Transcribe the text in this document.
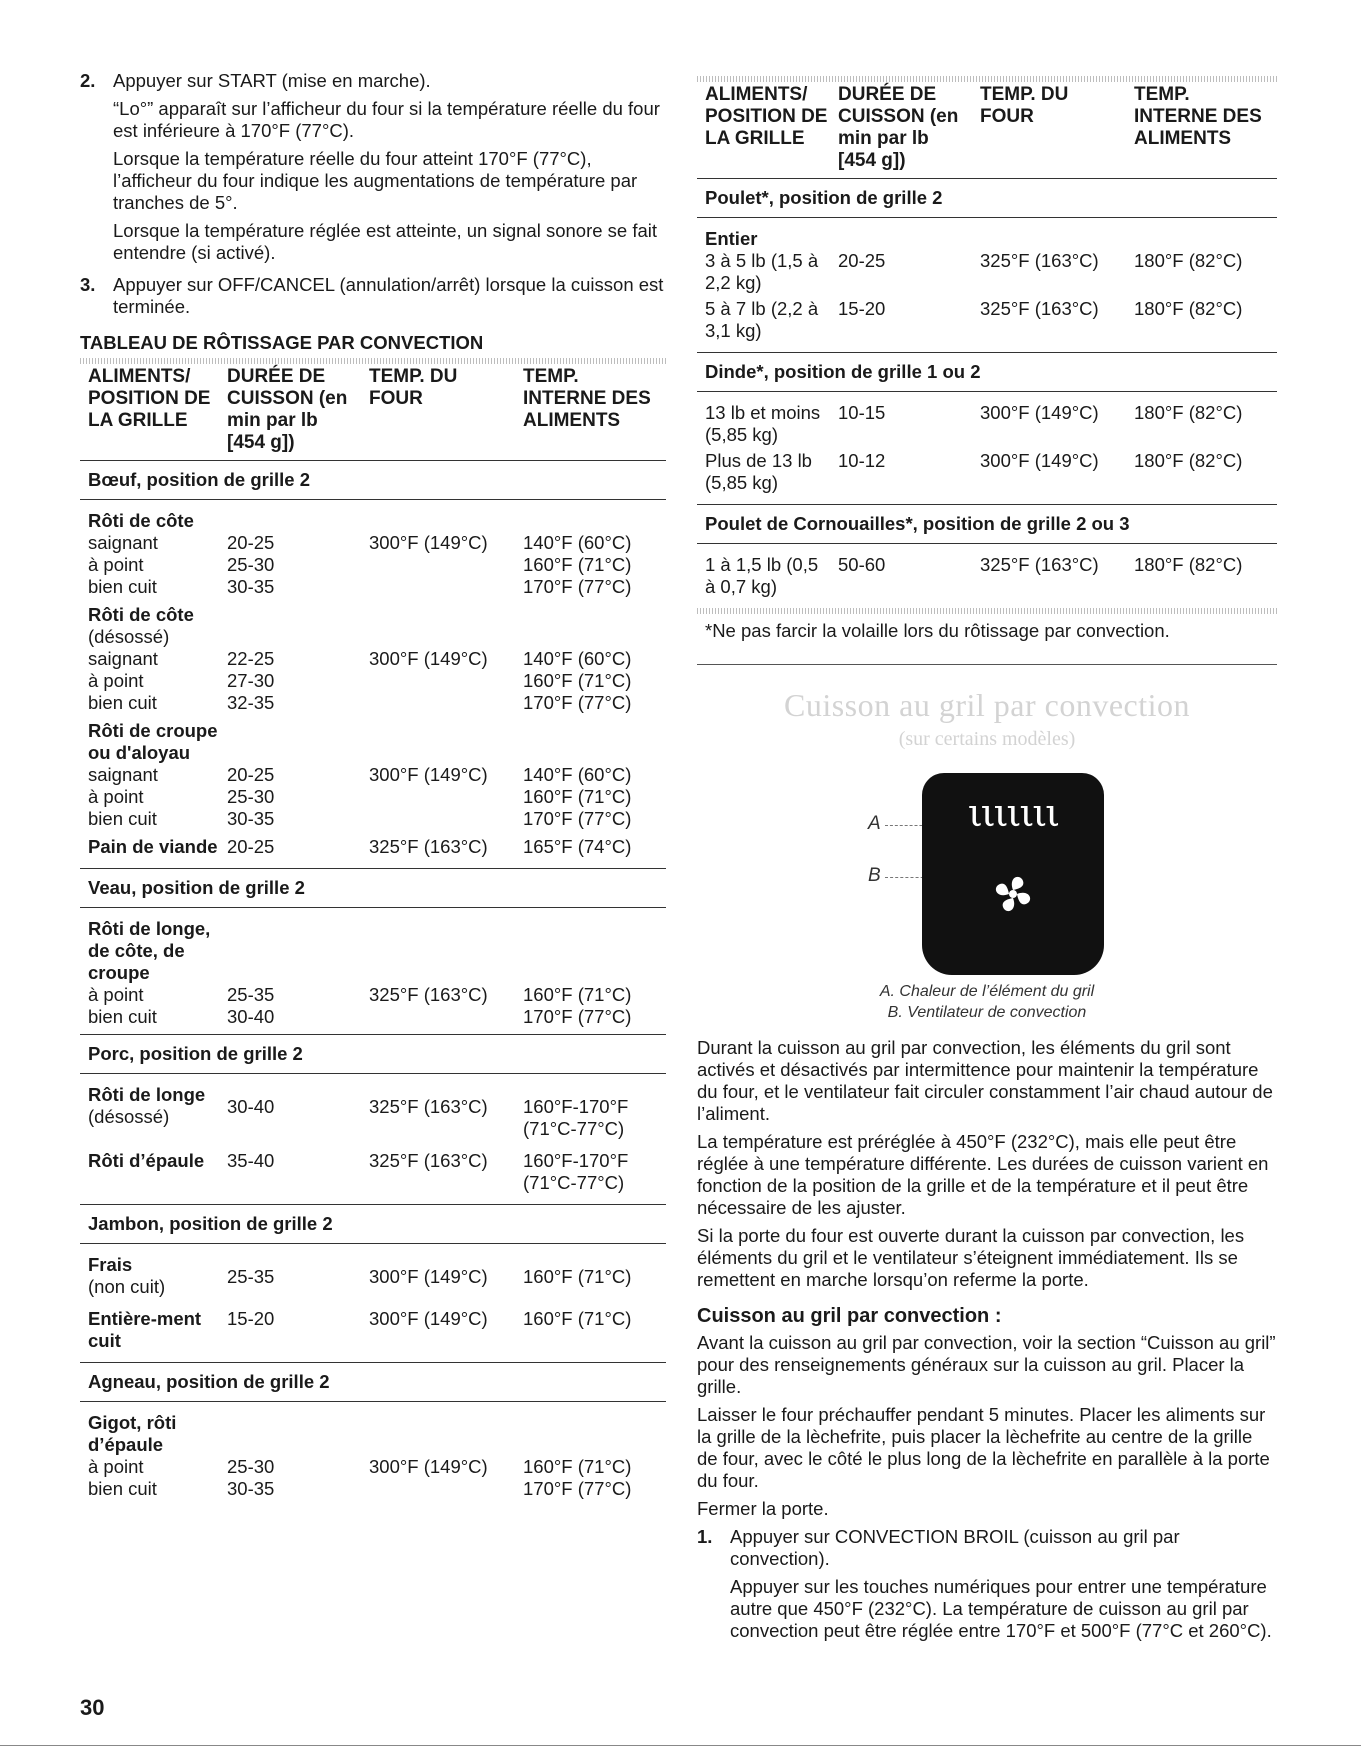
2. Appuyer sur START (mise en marche).

“Lo°” apparaît sur l’afficheur du four si la température réelle du four est inférieure à 170°F (77°C).

Lorsque la température réelle du four atteint 170°F (77°C), l’afficheur du four indique les augmentations de température par tranches de 5°.

Lorsque la température réglée est atteinte, un signal sonore se fait entendre (si activé).

3. Appuyer sur OFF/CANCEL (annulation/arrêt) lorsque la cuisson est terminée.

TABLEAU DE RÔTISSAGE PAR CONVECTION
ALIMENTS/ POSITION DE LA GRILLE	DURÉE DE CUISSON (en min par lb [454 g])	TEMP. DU FOUR	TEMP. INTERNE DES ALIMENTS
Bœuf, position de grille 2			

Rôti de côte			

saignant	20-25	300°F (149°C)	140°F (60°C)
à point	25-30		160°F (71°C)
bien cuit	30-35		170°F (77°C)

Rôti de côte
(désossé)			

saignant	22-25	300°F (149°C)	140°F (60°C)
à point	27-30		160°F (71°C)
bien cuit	32-35		170°F (77°C)

Rôti de croupe ou d'aloyau			

saignant	20-25	300°F (149°C)	140°F (60°C)
à point	25-30		160°F (71°C)
bien cuit	30-35		170°F (77°C)

Pain de viande	20-25	325°F (163°C)	165°F (74°C)

Veau, position de grille 2			

Rôti de longe, de côte, de croupe			

à point	25-35	325°F (163°C)	160°F (71°C)
bien cuit	30-40		170°F (77°C)

Porc, position de grille 2			

Rôti de longe
(désossé)	30-40	325°F (163°C)	160°F-170°F (71°C-77°C)

Rôti d’épaule	35-40	325°F (163°C)	160°F-170°F (71°C-77°C)

Jambon, position de grille 2			

Frais
(non cuit)	25-35	300°F (149°C)	160°F (71°C)

Entière-ment cuit	15-20	300°F (149°C)	160°F (71°C)

Agneau, position de grille 2			

Gigot, rôti d’épaule			

à point	25-30	300°F (149°C)	160°F (71°C)
bien cuit	30-35		170°F (77°C)

ALIMENTS/ POSITION DE LA GRILLE	DURÉE DE CUISSON (en min par lb [454 g])	TEMP. DU FOUR	TEMP. INTERNE DES ALIMENTS
Poulet*, position de grille 2			

Entier			

3 à 5 lb (1,5 à 2,2 kg)	20-25	325°F (163°C)	180°F (82°C)

5 à 7 lb (2,2 à 3,1 kg)	15-20	325°F (163°C)	180°F (82°C)

Dinde*, position de grille 1 ou 2			
13 lb et moins (5,85 kg)	10-15	300°F (149°C)	180°F (82°C)

Plus de 13 lb (5,85 kg)	10-12	300°F (149°C)	180°F (82°C)

Poulet de Cornouailles*, position de grille 2 ou 3			
1 à 1,5 lb (0,5 à 0,7 kg)	50-60	325°F (163°C)	180°F (82°C)

*Ne pas farcir la volaille lors du rôtissage par convection.
Cuisson au gril par convection
(sur certains modèles)
A
B
ιιιιιιι
A. Chaleur de l’élément du gril
B. Ventilateur de convection

Durant la cuisson au gril par convection, les éléments du gril sont activés et désactivés par intermittence pour maintenir la température du four, et le ventilateur fait circuler constamment l’air chaud autour de l’aliment.

La température est préréglée à 450°F (232°C), mais elle peut être réglée à une température différente. Les durées de cuisson varient en fonction de la position de la grille et de la température et il peut être nécessaire de les ajuster.

Si la porte du four est ouverte durant la cuisson par convection, les éléments du gril et le ventilateur s’éteignent immédiatement. Ils se remettent en marche lorsqu’on referme la porte.

Cuisson au gril par convection :

Avant la cuisson au gril par convection, voir la section “Cuisson au gril” pour des renseignements généraux sur la cuisson au gril. Placer la grille.

Laisser le four préchauffer pendant 5 minutes. Placer les aliments sur la grille de la lèchefrite, puis placer la lèchefrite au centre de la grille de four, avec le côté le plus long de la lèchefrite en parallèle à la porte du four.

Fermer la porte.

1. Appuyer sur CONVECTION BROIL (cuisson au gril par convection).

Appuyer sur les touches numériques pour entrer une température autre que 450°F (232°C). La température de cuisson au gril par convection peut être réglée entre 170°F et 500°F (77°C et 260°C).

30
